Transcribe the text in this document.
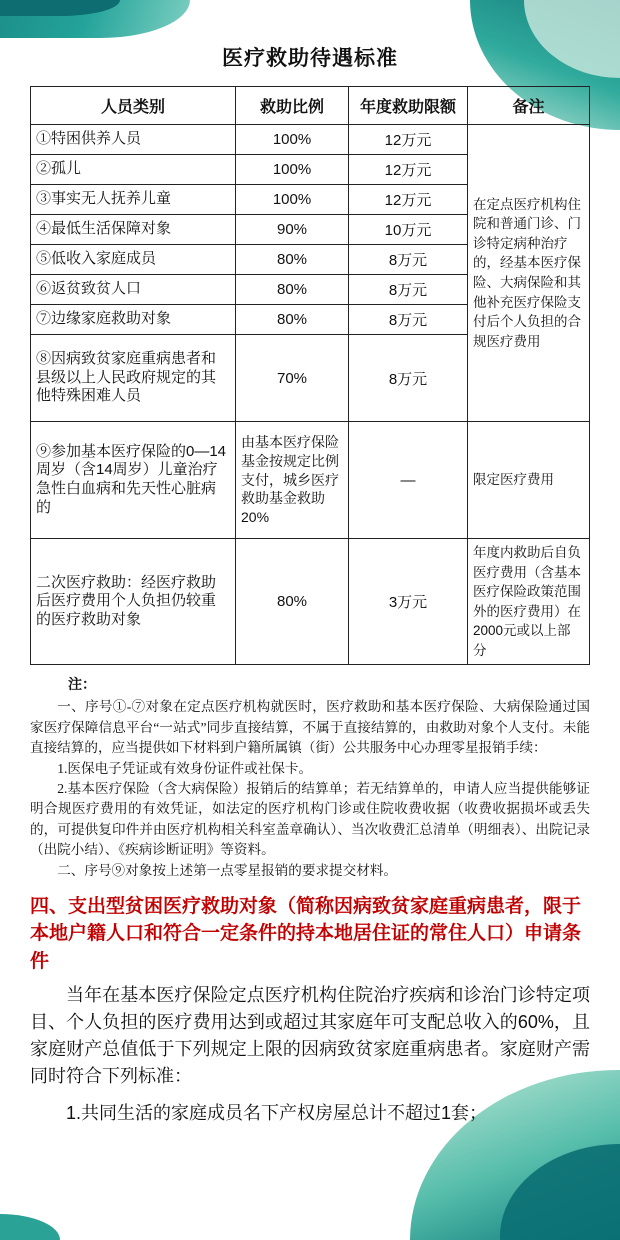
医疗救助待遇标准
人员类别	救助比例	年度救助限额	备注
①特困供养人员	100%	12万元	在定点医疗机构住院和普通门诊、门诊特定病种治疗的，经基本医疗保险、大病保险和其他补充医疗保险支付后个人负担的合规医疗费用
②孤儿	100%	12万元	
③事实无人抚养儿童	100%	12万元	
④最低生活保障对象	90%	10万元	
⑤低收入家庭成员	80%	8万元	
⑥返贫致贫人口	80%	8万元	
⑦边缘家庭救助对象	80%	8万元	
⑧因病致贫家庭重病患者和县级以上人民政府规定的其他特殊困难人员	70%	8万元	
⑨参加基本医疗保险的0—14周岁（含14周岁）儿童治疗急性白血病和先天性心脏病的	由基本医疗保险基金按规定比例支付，城乡医疗救助基金救助20%	—	限定医疗费用
二次医疗救助：经医疗救助后医疗费用个人负担仍较重的医疗救助对象	80%	3万元	年度内救助后自负医疗费用（含基本医疗保险政策范围外的医疗费用）在2000元或以上部分
注：

一、序号①-⑦对象在定点医疗机构就医时，医疗救助和基本医疗保险、大病保险通过国家医疗保障信息平台“一站式”同步直接结算，不属于直接结算的，由救助对象个人支付。未能直接结算的，应当提供如下材料到户籍所属镇（街）公共服务中心办理零星报销手续：

1.医保电子凭证或有效身份证件或社保卡。

2.基本医疗保险（含大病保险）报销后的结算单；若无结算单的，申请人应当提供能够证明合规医疗费用的有效凭证，如法定的医疗机构门诊或住院收费收据（收费收据损坏或丢失的，可提供复印件并由医疗机构相关科室盖章确认）、当次收费汇总清单（明细表）、出院记录（出院小结）、《疾病诊断证明》等资料。

二、序号⑨对象按上述第一点零星报销的要求提交材料。

四、支出型贫困医疗救助对象（简称因病致贫家庭重病患者，限于本地户籍人口和符合一定条件的持本地居住证的常住人口）申请条件

当年在基本医疗保险定点医疗机构住院治疗疾病和诊治门诊特定项目、个人负担的医疗费用达到或超过其家庭年可支配总收入的60%，且家庭财产总值低于下列规定上限的因病致贫家庭重病患者。家庭财产需同时符合下列标准：

1.共同生活的家庭成员名下产权房屋总计不超过1套；
